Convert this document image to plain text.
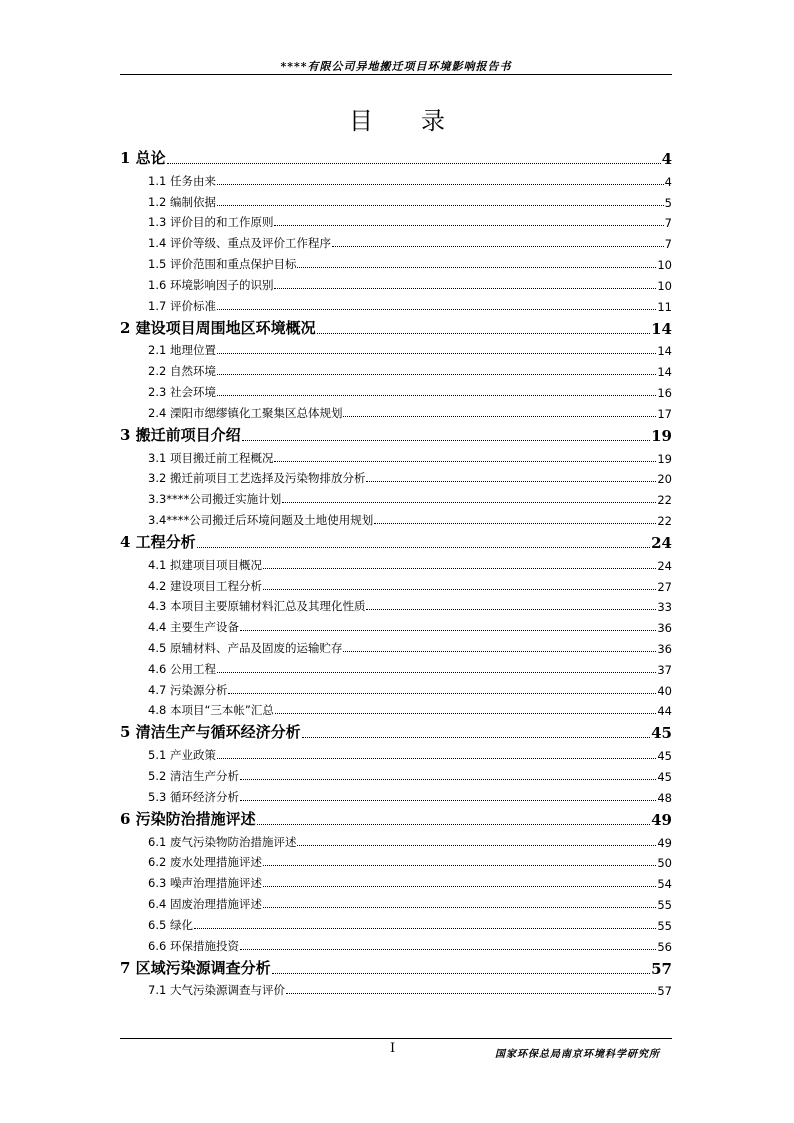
****有限公司异地搬迁项目环境影响报告书
目 录
1 总论	4
1.1 任务由来	4
1.2 编制依据	5
1.3 评价目的和工作原则	7
1.4 评价等级、重点及评价工作程序	7
1.5 评价范围和重点保护目标	10
1.6 环境影响因子的识别	10
1.7 评价标准	11
2 建设项目周围地区环境概况	14
2.1 地理位置	14
2.2 自然环境	14
2.3 社会环境	16
2.4 溧阳市缌缪镇化工聚集区总体规划	17
3 搬迁前项目介绍	19
3.1 项目搬迁前工程概况	19
3.2 搬迁前项目工艺选择及污染物排放分析	20
3.3****公司搬迁实施计划	22
3.4****公司搬迁后环境问题及土地使用规划	22
4 工程分析	24
4.1 拟建项目项目概况	24
4.2 建设项目工程分析	27
4.3 本项目主要原辅材料汇总及其理化性质	33
4.4 主要生产设备	36
4.5 原辅材料、产品及固废的运输贮存	36
4.6 公用工程	37
4.7 污染源分析	40
4.8 本项目“三本帐”汇总	44
5 清洁生产与循环经济分析	45
5.1 产业政策	45
5.2 清洁生产分析	45
5.3 循环经济分析	48
6 污染防治措施评述	49
6.1 废气污染物防治措施评述	49
6.2 废水处理措施评述	50
6.3 噪声治理措施评述	54
6.4 固废治理措施评述	55
6.5 绿化	55
6.6 环保措施投资	56
7 区域污染源调查分析	57
7.1 大气污染源调查与评价	57
I	国家环保总局南京环境科学研究所
